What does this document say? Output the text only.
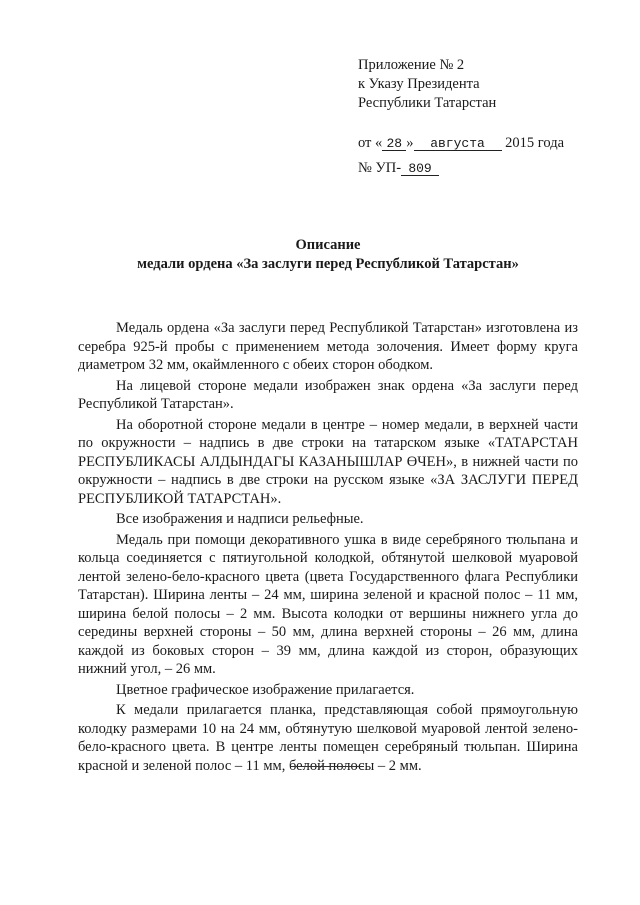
Приложение № 2
к Указу Президента
Республики Татарстан
от « 28 » августа 2015 года
№ УП- 809
Описание
медали ордена «За заслуги перед Республикой Татарстан»

Медаль ордена «За заслуги перед Республикой Татарстан» изготовлена из серебра 925-й пробы с применением метода золочения. Имеет форму круга диаметром 32 мм, окаймленного с обеих сторон ободком.

На лицевой стороне медали изображен знак ордена «За заслуги перед Республикой Татарстан».

На оборотной стороне медали в центре – номер медали, в верхней части по окружности – надпись в две строки на татарском языке «ТАТАРСТАН РЕСПУБЛИКАСЫ АЛДЫНДАГЫ КАЗАНЫШЛАР ӨЧЕН», в нижней части по окружности – надпись в две строки на русском языке «ЗА ЗАСЛУГИ ПЕРЕД РЕСПУБЛИКОЙ ТАТАРСТАН».

Все изображения и надписи рельефные.

Медаль при помощи декоративного ушка в виде серебряного тюльпана и кольца соединяется с пятиугольной колодкой, обтянутой шелковой муаровой лентой зелено-бело-красного цвета (цвета Государственного флага Республики Татарстан). Ширина ленты – 24 мм, ширина зеленой и красной полос – 11 мм, ширина белой полосы – 2 мм. Высота колодки от вершины нижнего угла до середины верхней стороны – 50 мм, длина верхней стороны – 26 мм, длина каждой из боковых сторон – 39 мм, длина каждой из сторон, образующих нижний угол, – 26 мм.

Цветное графическое изображение прилагается.

К медали прилагается планка, представляющая собой прямоугольную колодку размерами 10 на 24 мм, обтянутую шелковой муаровой лентой зелено-бело-красного цвета. В центре ленты помещен серебряный тюльпан. Ширина красной и зеленой полос – 11 мм, белой полосы – 2 мм.
